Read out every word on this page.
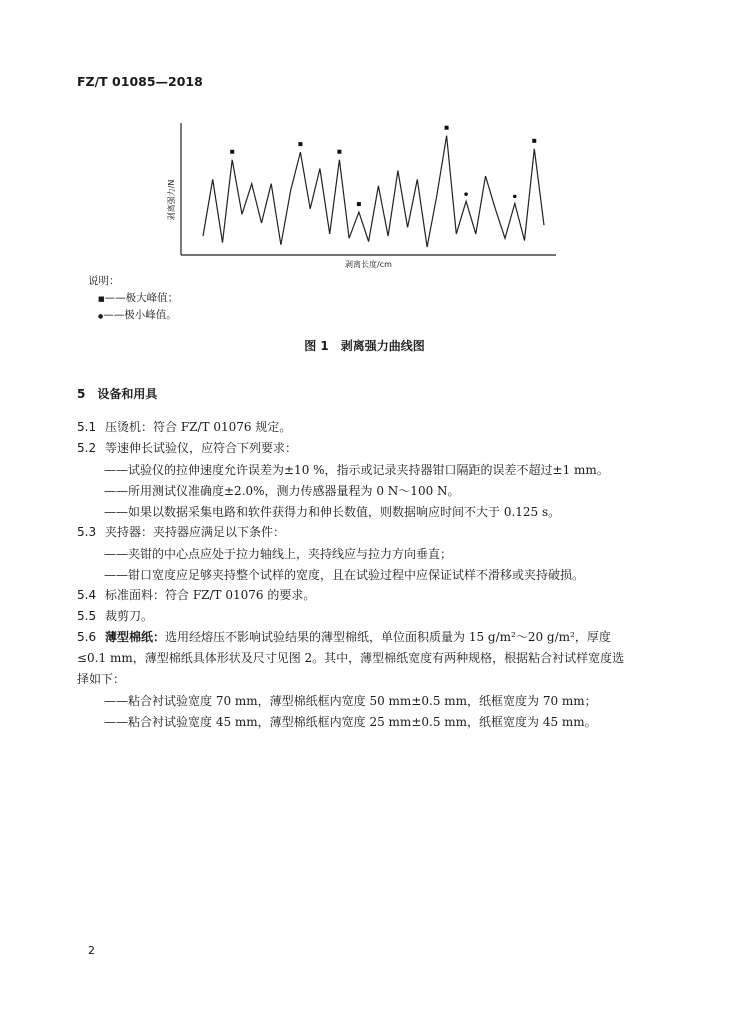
FZ/T 01085—2018
剥离强力/N
剥离长度/cm
说明：
■——极大峰值；
●——极小峰值。
图 1　剥离强力曲线图
5　设备和用具
5.1 压烫机：符合 FZ/T 01076 规定。
5.2 等速伸长试验仪，应符合下列要求：
——试验仪的拉伸速度允许误差为±10 %，指示或记录夹持器钳口隔距的误差不超过±1 mm。
——所用测试仪准确度±2.0%，测力传感器量程为 0 N～100 N。
——如果以数据采集电路和软件获得力和伸长数值，则数据响应时间不大于 0.125 s。
5.3 夹持器：夹持器应满足以下条件：
——夹钳的中心点应处于拉力轴线上，夹持线应与拉力方向垂直；
——钳口宽度应足够夹持整个试样的宽度，且在试验过程中应保证试样不滑移或夹持破损。
5.4 标准面料：符合 FZ/T 01076 的要求。
5.5 裁剪刀。
5.6 薄型棉纸：选用经熔压不影响试验结果的薄型棉纸，单位面积质量为 15 g/m²～20 g/m²，厚度
≤0.1 mm，薄型棉纸具体形状及尺寸见图 2。其中，薄型棉纸宽度有两种规格，根据粘合衬试样宽度选
择如下：
——粘合衬试验宽度 70 mm，薄型棉纸框内宽度 50 mm±0.5 mm，纸框宽度为 70 mm；
——粘合衬试验宽度 45 mm，薄型棉纸框内宽度 25 mm±0.5 mm，纸框宽度为 45 mm。
2
